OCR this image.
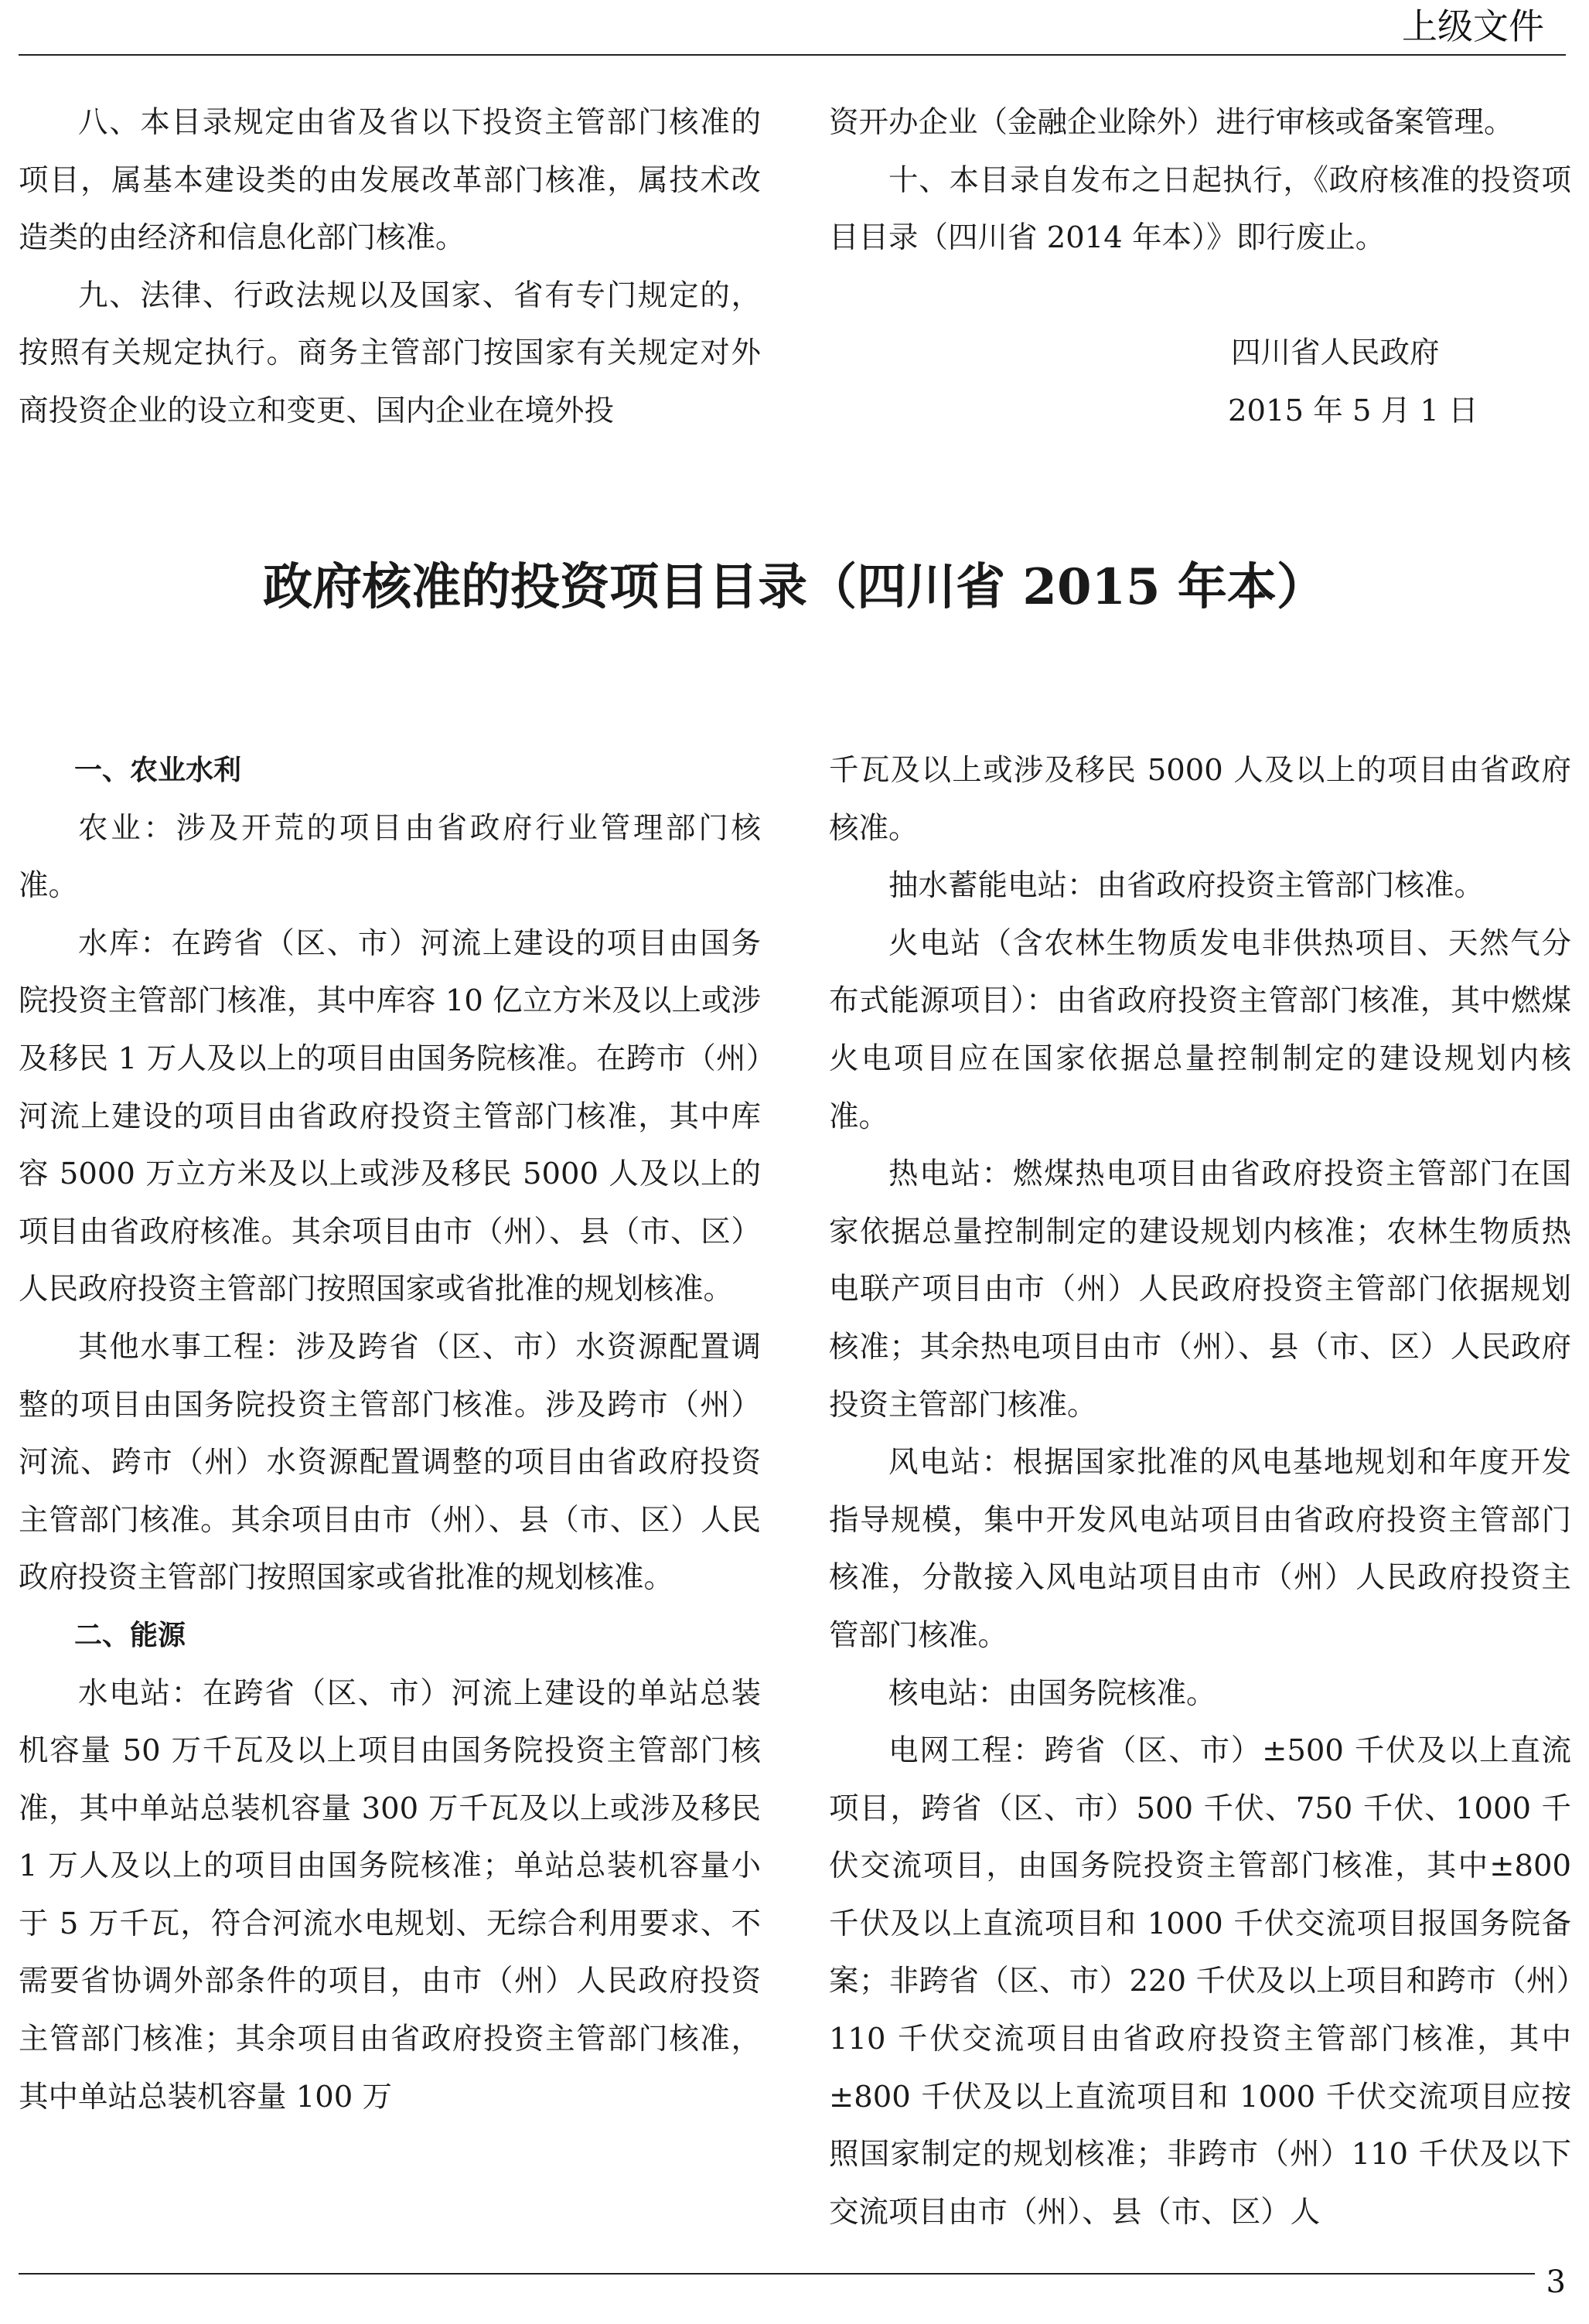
上级文件

八、本目录规定由省及省以下投资主管部门核准的项目，属基本建设类的由发展改革部门核准，属技术改造类的由经济和信息化部门核准。

九、法律、行政法规以及国家、省有专门规定的，按照有关规定执行。商务主管部门按国家有关规定对外商投资企业的设立和变更、国内企业在境外投

资开办企业（金融企业除外）进行审核或备案管理。

十、本目录自发布之日起执行，《政府核准的投资项目目录（四川省 2014 年本）》即行废止。

四川省人民政府
2015 年 5 月 1 日
政府核准的投资项目目录（四川省 2015 年本）
一、农业水利

农业：涉及开荒的项目由省政府行业管理部门核准。

水库：在跨省（区、市）河流上建设的项目由国务院投资主管部门核准，其中库容 10 亿立方米及以上或涉及移民 1 万人及以上的项目由国务院核准。在跨市（州）河流上建设的项目由省政府投资主管部门核准，其中库容 5000 万立方米及以上或涉及移民 5000 人及以上的项目由省政府核准。其余项目由市（州）、县（市、区）人民政府投资主管部门按照国家或省批准的规划核准。

其他水事工程：涉及跨省（区、市）水资源配置调整的项目由国务院投资主管部门核准。涉及跨市（州）河流、跨市（州）水资源配置调整的项目由省政府投资主管部门核准。其余项目由市（州）、县（市、区）人民政府投资主管部门按照国家或省批准的规划核准。

二、能源

水电站：在跨省（区、市）河流上建设的单站总装机容量 50 万千瓦及以上项目由国务院投资主管部门核准，其中单站总装机容量 300 万千瓦及以上或涉及移民 1 万人及以上的项目由国务院核准；单站总装机容量小于 5 万千瓦，符合河流水电规划、无综合利用要求、不需要省协调外部条件的项目，由市（州）人民政府投资主管部门核准；其余项目由省政府投资主管部门核准，其中单站总装机容量 100 万

千瓦及以上或涉及移民 5000 人及以上的项目由省政府核准。

抽水蓄能电站：由省政府投资主管部门核准。

火电站（含农林生物质发电非供热项目、天然气分布式能源项目）：由省政府投资主管部门核准，其中燃煤火电项目应在国家依据总量控制制定的建设规划内核准。

热电站：燃煤热电项目由省政府投资主管部门在国家依据总量控制制定的建设规划内核准；农林生物质热电联产项目由市（州）人民政府投资主管部门依据规划核准；其余热电项目由市（州）、县（市、区）人民政府投资主管部门核准。

风电站：根据国家批准的风电基地规划和年度开发指导规模，集中开发风电站项目由省政府投资主管部门核准，分散接入风电站项目由市（州）人民政府投资主管部门核准。

核电站：由国务院核准。

电网工程：跨省（区、市）±500 千伏及以上直流项目，跨省（区、市）500 千伏、750 千伏、1000 千伏交流项目，由国务院投资主管部门核准，其中±800 千伏及以上直流项目和 1000 千伏交流项目报国务院备案；非跨省（区、市）220 千伏及以上项目和跨市（州）110 千伏交流项目由省政府投资主管部门核准，其中±800 千伏及以上直流项目和 1000 千伏交流项目应按照国家制定的规划核准；非跨市（州）110 千伏及以下交流项目由市（州）、县（市、区）人

3
